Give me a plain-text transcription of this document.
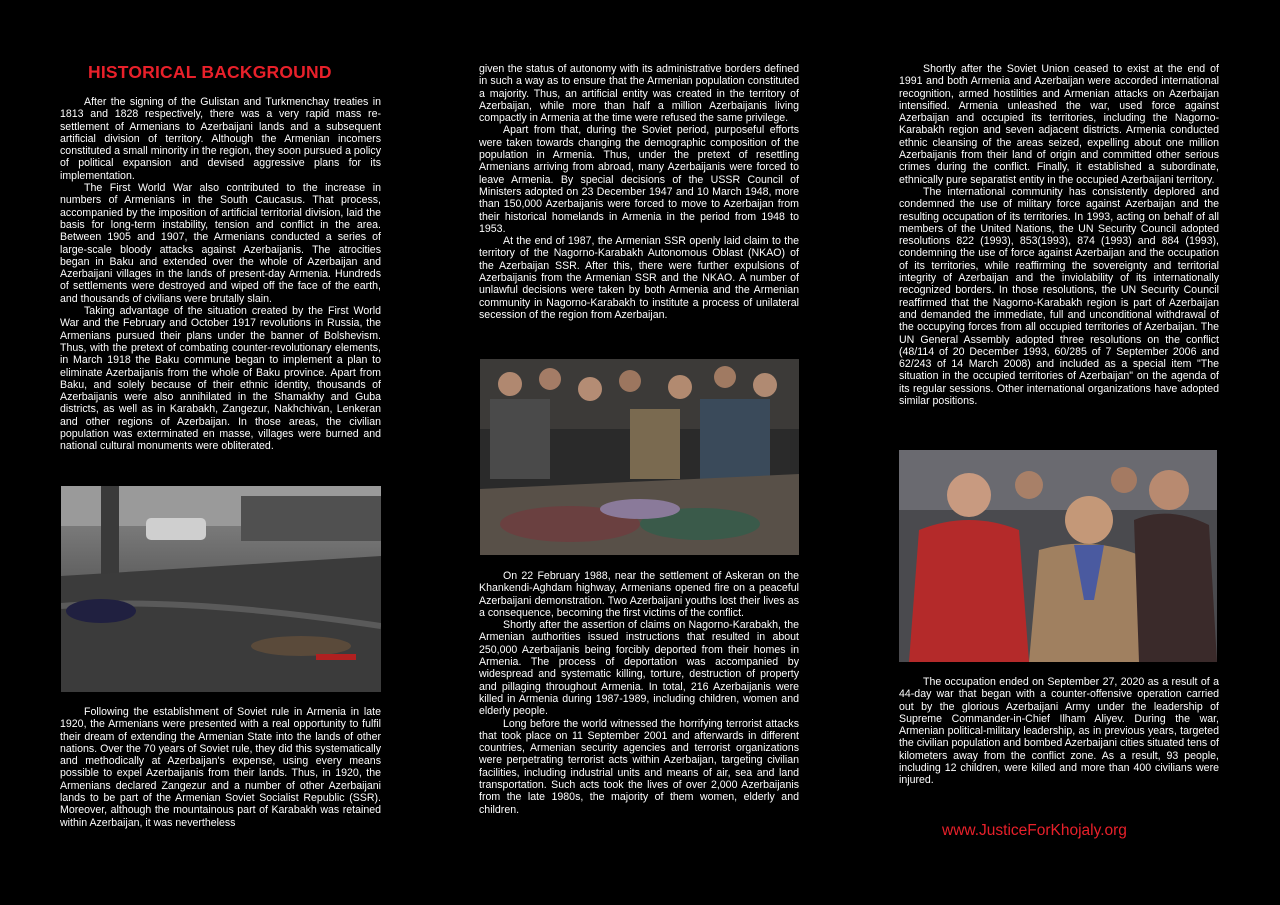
HISTORICAL BACKGROUND

After the signing of the Gulistan and Turkmenchay treaties in 1813 and 1828 respectively, there was a very rapid mass re-settlement of Armenians to Azerbaijani lands and a subsequent artificial division of territory. Although the Armenian incomers constituted a small minority in the region, they soon pursued a policy of political expansion and devised aggressive plans for its implementation.

The First World War also contributed to the increase in numbers of Armenians in the South Caucasus. That process, accompanied by the imposition of artificial territorial division, laid the basis for long-term instability, tension and conflict in the area. Between 1905 and 1907, the Armenians conducted a series of large-scale bloody attacks against Azerbaijanis. The atrocities began in Baku and extended over the whole of Azerbaijan and Azerbaijani villages in the lands of present-day Armenia. Hundreds of settlements were destroyed and wiped off the face of the earth, and thousands of civilians were brutally slain.

Taking advantage of the situation created by the First World War and the February and October 1917 revolutions in Russia, the Armenians pursued their plans under the banner of Bolshevism. Thus, with the pretext of combating counter-revolutionary elements, in March 1918 the Baku commune began to implement a plan to eliminate Azerbaijanis from the whole of Baku province. Apart from Baku, and solely because of their ethnic identity, thousands of Azerbaijanis were also annihilated in the Shamakhy and Guba districts, as well as in Karabakh, Zangezur, Nakhchivan, Lenkeran and other regions of Azerbaijan. In those areas, the civilian population was exterminated en masse, villages were burned and national cultural monuments were obliterated.

Following the establishment of Soviet rule in Armenia in late 1920, the Armenians were presented with a real opportunity to fulfil their dream of extending the Armenian State into the lands of other nations. Over the 70 years of Soviet rule, they did this systematically and methodically at Azerbaijan's expense, using every means possible to expel Azerbaijanis from their lands. Thus, in 1920, the Armenians declared Zangezur and a number of other Azerbaijani lands to be part of the Armenian Soviet Socialist Republic (SSR). Moreover, although the mountainous part of Karabakh was retained within Azerbaijan, it was nevertheless

given the status of autonomy with its administrative borders defined in such a way as to ensure that the Armenian population constituted a majority. Thus, an artificial entity was created in the territory of Azerbaijan, while more than half a million Azerbaijanis living compactly in Armenia at the time were refused the same privilege.

Apart from that, during the Soviet period, purposeful efforts were taken towards changing the demographic composition of the population in Armenia. Thus, under the pretext of resettling Armenians arriving from abroad, many Azerbaijanis were forced to leave Armenia. By special decisions of the USSR Council of Ministers adopted on 23 December 1947 and 10 March 1948, more than 150,000 Azerbaijanis were forced to move to Azerbaijan from their historical homelands in Armenia in the period from 1948 to 1953.

At the end of 1987, the Armenian SSR openly laid claim to the territory of the Nagorno-Karabakh Autonomous Oblast (NKAO) of the Azerbaijan SSR. After this, there were further expulsions of Azerbaijanis from the Armenian SSR and the NKAO. A number of unlawful decisions were taken by both Armenia and the Armenian community in Nagorno-Karabakh to institute a process of unilateral secession of the region from Azerbaijan.

On 22 February 1988, near the settlement of Askeran on the Khankendi-Aghdam highway, Armenians opened fire on a peaceful Azerbaijani demonstration. Two Azerbaijani youths lost their lives as a consequence, becoming the first victims of the conflict.

Shortly after the assertion of claims on Nagorno-Karabakh, the Armenian authorities issued instructions that resulted in about 250,000 Azerbaijanis being forcibly deported from their homes in Armenia. The process of deportation was accompanied by widespread and systematic killing, torture, destruction of property and pillaging throughout Armenia. In total, 216 Azerbaijanis were killed in Armenia during 1987-1989, including children, women and elderly people.

Long before the world witnessed the horrifying terrorist attacks that took place on 11 September 2001 and afterwards in different countries, Armenian security agencies and terrorist organizations were perpetrating terrorist acts within Azerbaijan, targeting civilian facilities, including industrial units and means of air, sea and land transportation. Such acts took the lives of over 2,000 Azerbaijanis from the late 1980s, the majority of them women, elderly and children.

Shortly after the Soviet Union ceased to exist at the end of 1991 and both Armenia and Azerbaijan were accorded international recognition, armed hostilities and Armenian attacks on Azerbaijan intensified. Armenia unleashed the war, used force against Azerbaijan and occupied its territories, including the Nagorno-Karabakh region and seven adjacent districts. Armenia conducted ethnic cleansing of the areas seized, expelling about one million Azerbaijanis from their land of origin and committed other serious crimes during the conflict. Finally, it established a subordinate, ethnically pure separatist entity in the occupied Azerbaijani territory.

The international community has consistently deplored and condemned the use of military force against Azerbaijan and the resulting occupation of its territories. In 1993, acting on behalf of all members of the United Nations, the UN Security Council adopted resolutions 822 (1993), 853(1993), 874 (1993) and 884 (1993), condemning the use of force against Azerbaijan and the occupation of its territories, while reaffirming the sovereignty and territorial integrity of Azerbaijan and the inviolability of its internationally recognized borders. In those resolutions, the UN Security Council reaffirmed that the Nagorno-Karabakh region is part of Azerbaijan and demanded the immediate, full and unconditional withdrawal of the occupying forces from all occupied territories of Azerbaijan. The UN General Assembly adopted three resolutions on the conflict (48/114 of 20 December 1993, 60/285 of 7 September 2006 and 62/243 of 14 March 2008) and included as a special item "The situation in the occupied territories of Azerbaijan" on the agenda of its regular sessions. Other international organizations have adopted similar positions.

The occupation ended on September 27, 2020 as a result of a 44-day war that began with a counter-offensive operation carried out by the glorious Azerbaijani Army under the leadership of Supreme Commander-in-Chief Ilham Aliyev. During the war, Armenian political-military leadership, as in previous years, targeted the civilian population and bombed Azerbaijani cities situated tens of kilometers away from the conflict zone. As a result, 93 people, including 12 children, were killed and more than 400 civilians were injured.

www.JusticeForKhojaly.org
